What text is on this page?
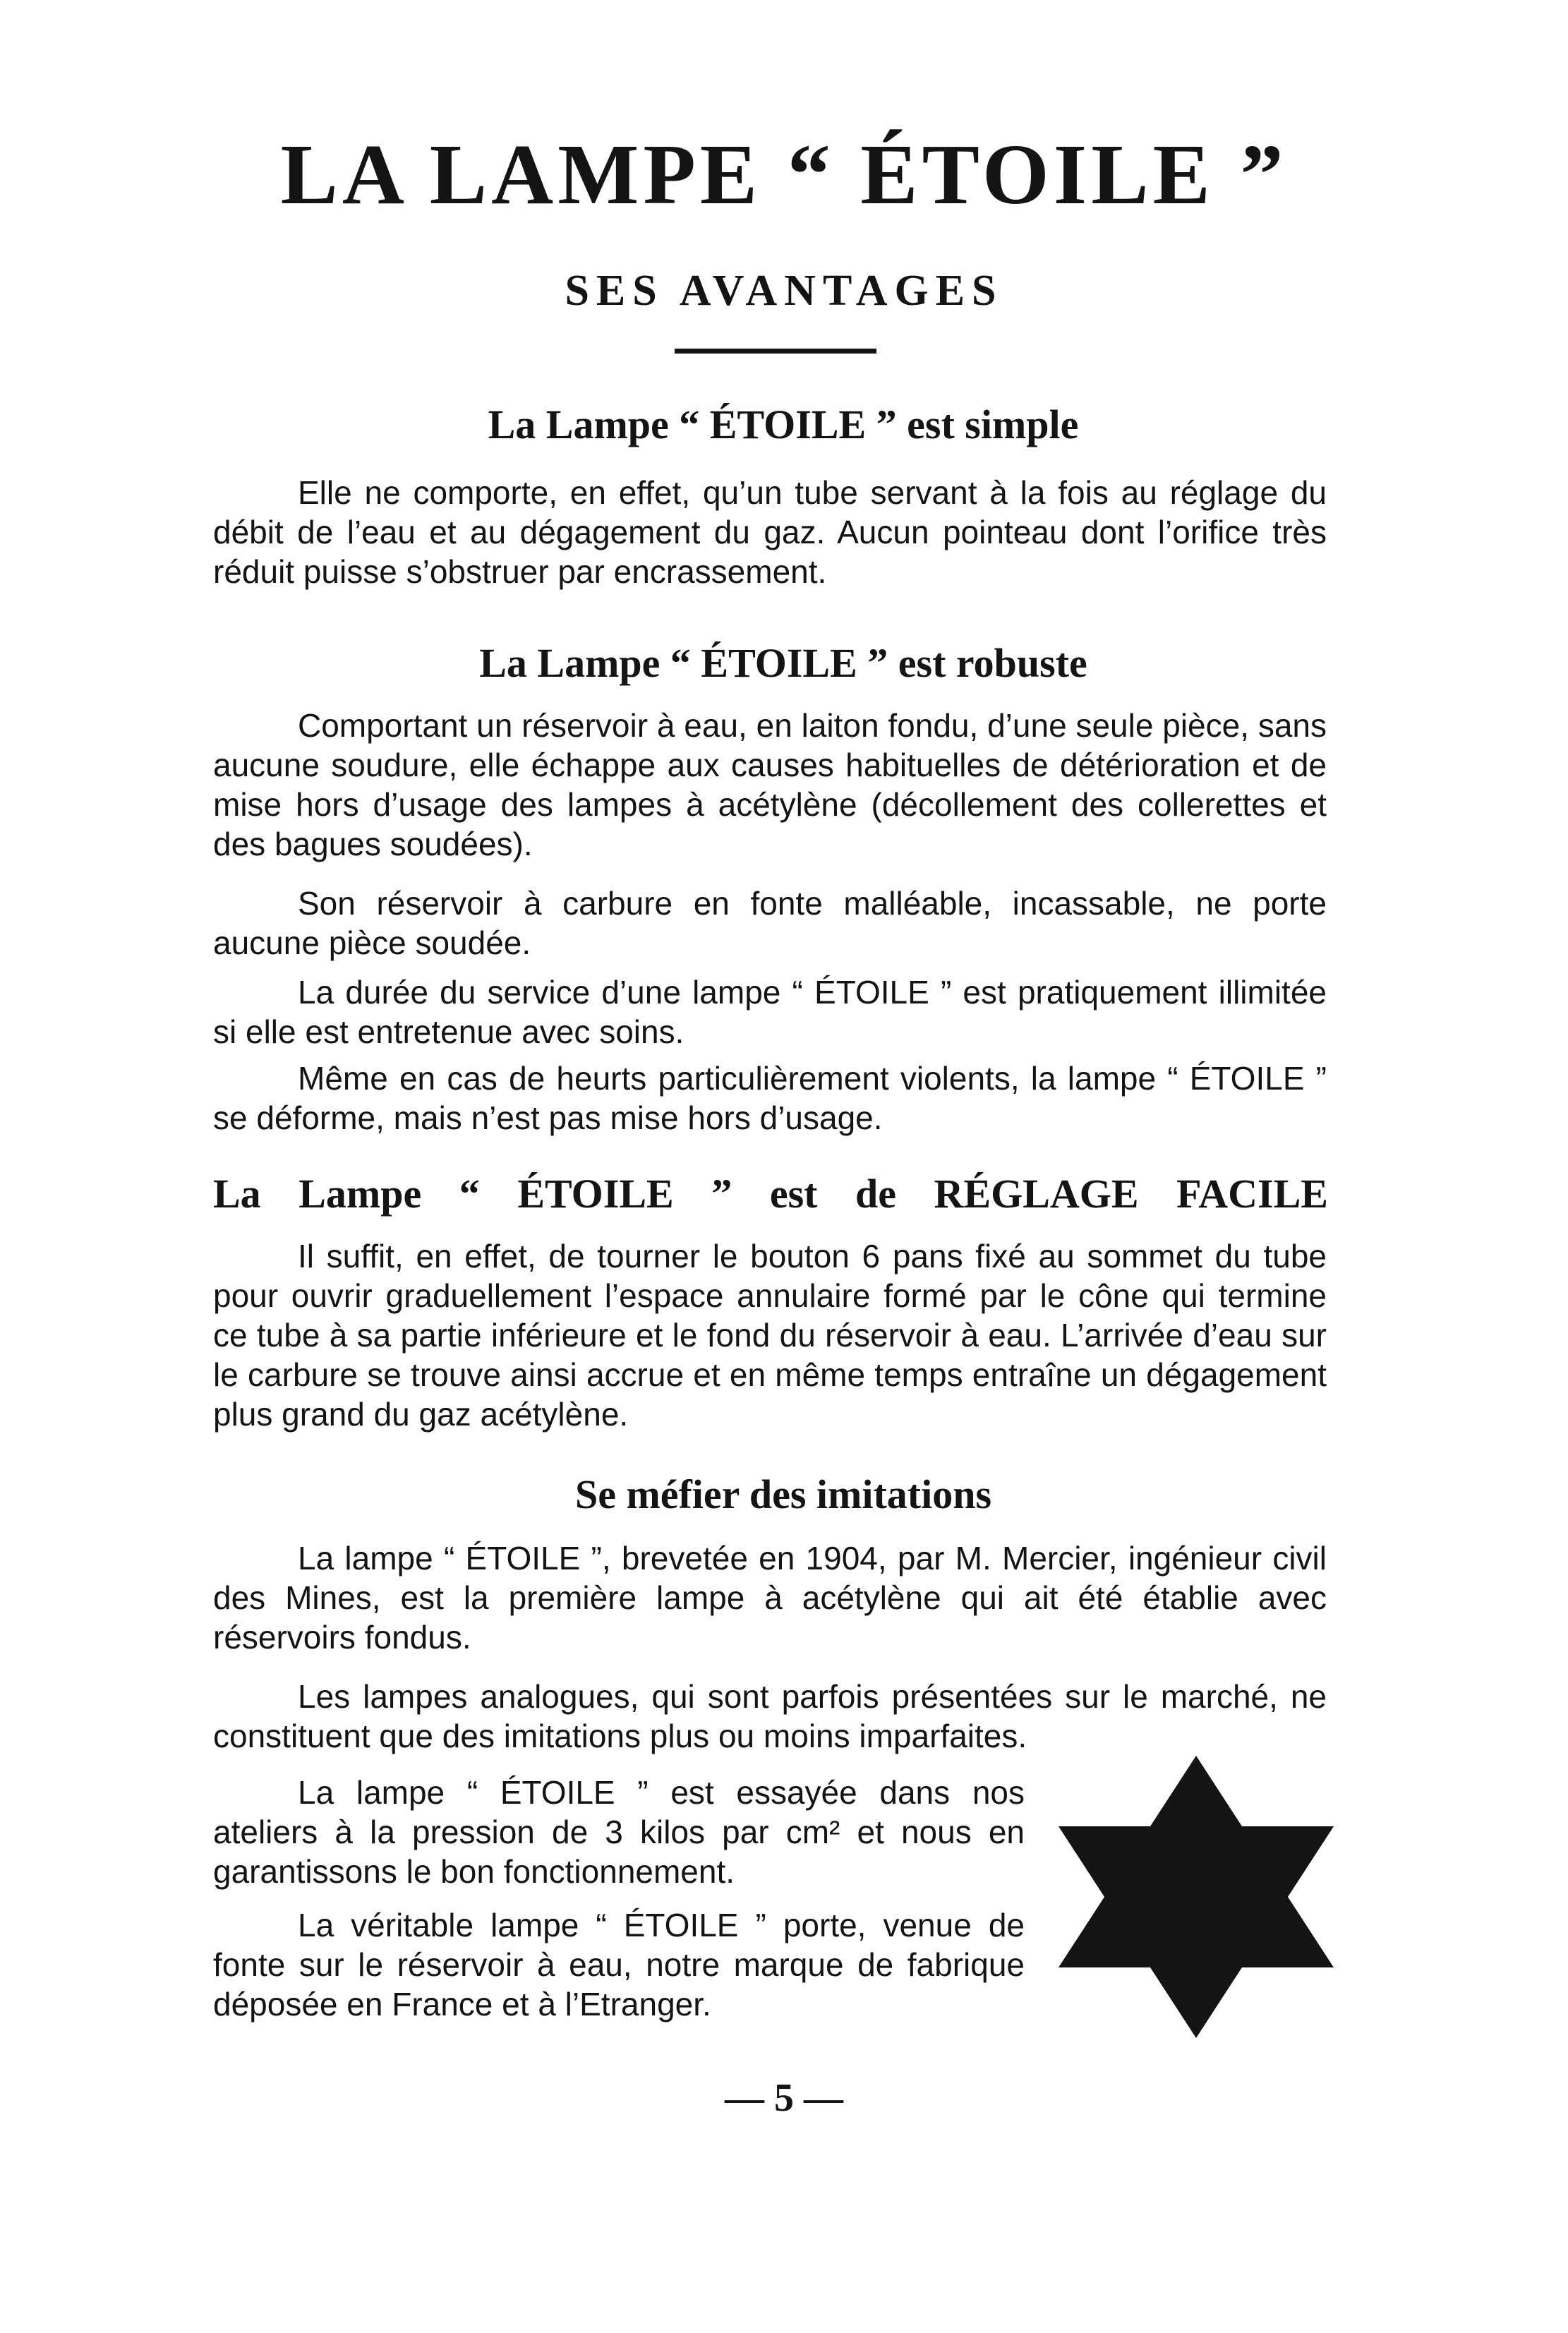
LA LAMPE “ ÉTOILE ”
SES AVANTAGES
La Lampe “ ÉTOILE ” est simple

Elle ne comporte, en effet, qu’un tube servant à la fois au réglage du débit de l’eau et au dégagement du gaz. Aucun pointeau dont l’orifice très réduit puisse s’obstruer par encrassement.

La Lampe “ ÉTOILE ” est robuste

Comportant un réservoir à eau, en laiton fondu, d’une seule pièce, sans aucune soudure, elle échappe aux causes habituelles de détérioration et de mise hors d’usage des lampes à acétylène (décollement des collerettes et des bagues soudées).

Son réservoir à carbure en fonte malléable, incassable, ne porte aucune pièce soudée.

La durée du service d’une lampe “ ÉTOILE ” est pratiquement illimitée si elle est entretenue avec soins.

Même en cas de heurts particulièrement violents, la lampe “ ÉTOILE ” se déforme, mais n’est pas mise hors d’usage.

La Lampe “ ÉTOILE ” est de RÉGLAGE FACILE

Il suffit, en effet, de tourner le bouton 6 pans fixé au sommet du tube pour ouvrir graduellement l’espace annulaire formé par le cône qui termine ce tube à sa partie inférieure et le fond du réservoir à eau. L’arrivée d’eau sur le carbure se trouve ainsi accrue et en même temps entraîne un dégagement plus grand du gaz acétylène.

Se méfier des imitations

La lampe “ ÉTOILE ”, brevetée en 1904, par M. Mercier, ingénieur civil des Mines, est la première lampe à acétylène qui ait été établie avec réservoirs fondus.

Les lampes analogues, qui sont parfois présentées sur le marché, ne constituent que des imitations plus ou moins imparfaites.

La lampe “ ÉTOILE ” est essayée dans nos ateliers à la pression de 3 kilos par cm² et nous en garantissons le bon fonctionnement.

La véritable lampe “ ÉTOILE ” porte, venue de fonte sur le réservoir à eau, notre marque de fabrique déposée en France et à l’Etranger.

— 5 —
